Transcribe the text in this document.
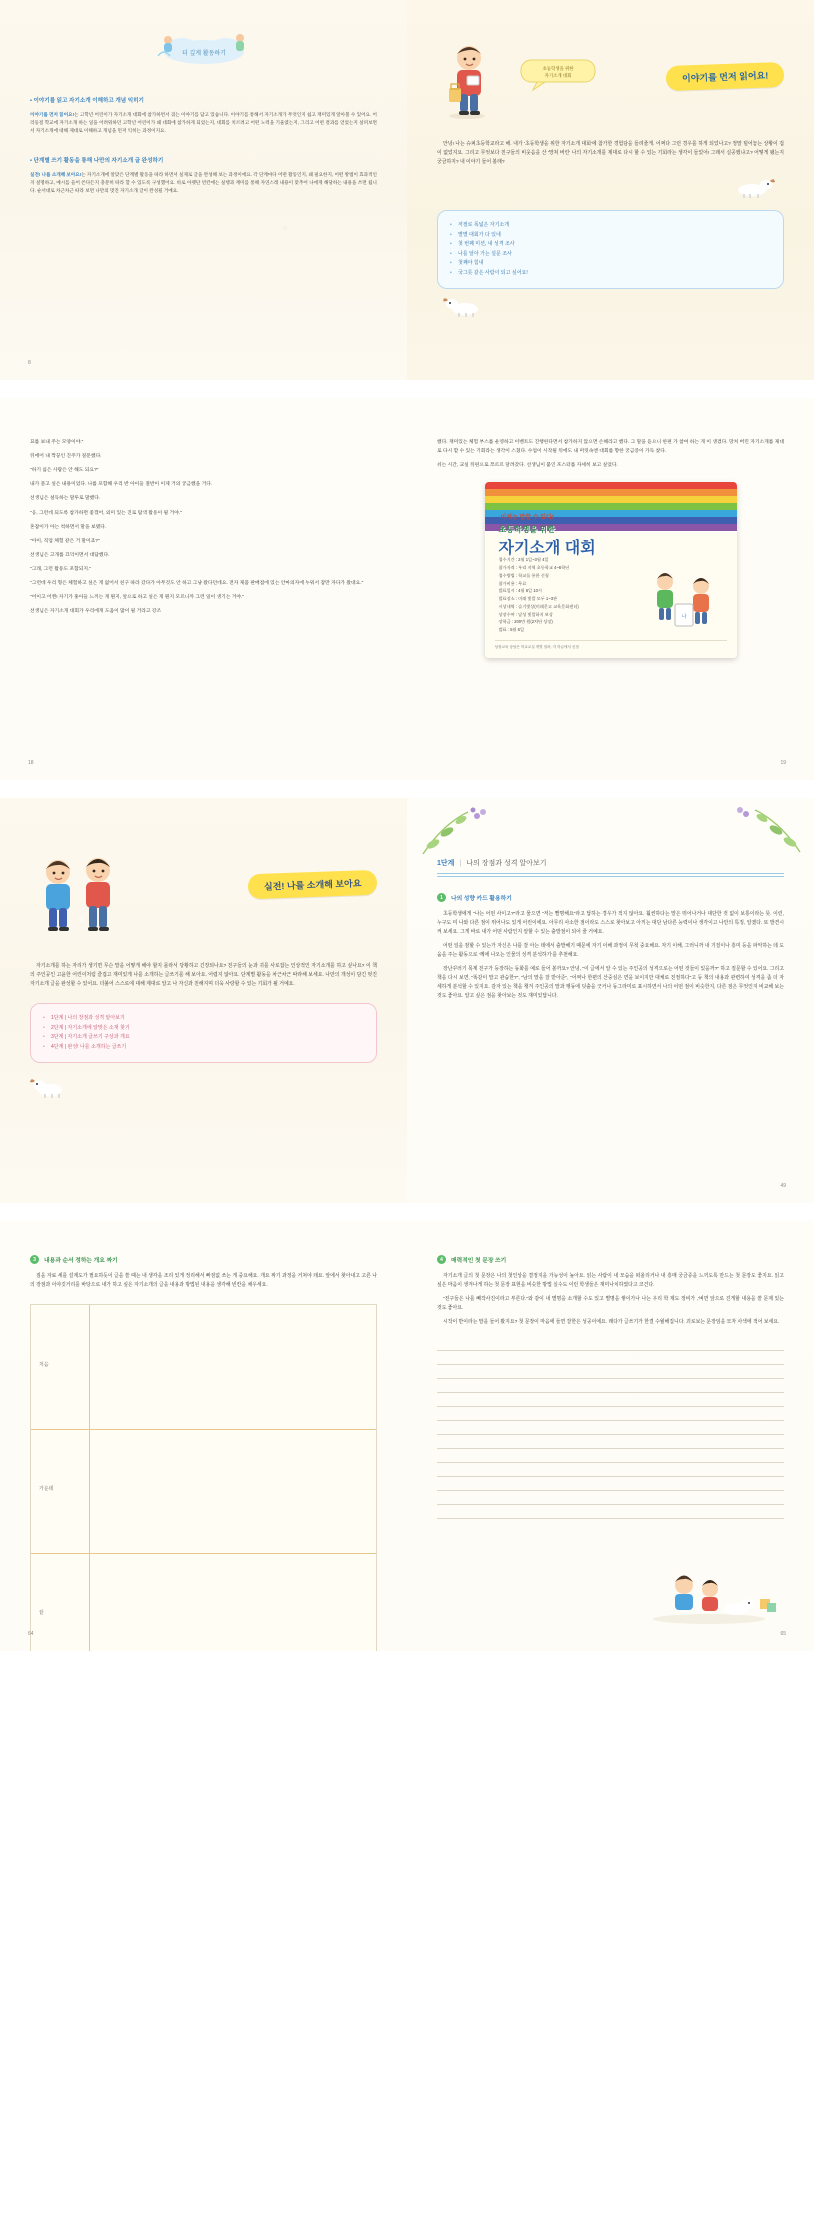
더 깊게 활동하기
• 이야기를 읽고 자기소개 이해하고 개념 익히기

이야기를 먼저 읽어요!는 고학년 어린이가 자기소개 대회에 참가하면서 겪는 이야기를 담고 있습니다. 이야기를 통해서 자기소개가 무엇인지 쉽고 재미있게 알아볼 수 있어요. 어리둥절 학교에 자기소개 하는 일을 어려워하던 고학년 어린이가 왜 대회에 참가하게 되었는지, 대회를 치르려고 어떤 노력을 기울였는지, 그리고 어떤 결과를 얻었는지 살펴보면서 자기소개에 대해 제대로 이해하고 개념을 먼저 익히는 과정이지요.

• 단계별 쓰기 활동을 통해 나만의 자기소개 글 완성하기

실전! 나를 소개해 보아요!는 자기소개에 알맞은 단계별 활동을 따라 하면서 실제로 글을 완성해 보는 과정이에요. 각 단계마다 어떤 활동인지, 왜 필요한지, 어떤 방법이 효과적인지 설명하고, 예시를 들어 쓴다든지 충분히 따라 할 수 있도록 구성했어요. 바로 아랫단 빈칸에는 실행과 재미를 통해 자연스레 내용이 맞추어 나에게 해당하는 내용을 쓰면 됩니다. 순서대로 차근차근 따라 보면 나만의 멋진 자기소개 글이 완성될 거예요.

8
초등학생을 위한
자기소개 대회	이야기를 먼저 읽어요!

안녕! 나는 슈퍼초등학교라고 해. 내가 '초등학생을 위한 자기소개 대회'에 참가한 경험담을 들려줄게. 어쩌다 그런 경우를 하게 되었나고? 정말 털어놓는 상황이 겁이 없었지요. 그리고 무엇보다 친구들의 비웃음을 산 '망쳐 버린' 나의 자기소개를 제대로 다시 할 수 있는 기회라는 생각이 들었어! 그래서 실공했냐고? 어떻게 됐는지 궁금하지? 내 이야기 들어 볼래?

• 저절로 폭넓은 자기소개
• 별별 대회가 다 있네
• 첫 번째 미션, 내 성격 조사
• 나를 알아 가는 설문 조사
• 첫째야 힘내
• 국그릇 같은 사람이 되고 싶어요!
묘를 보내 주는 모양이야."
뒤에어 내 짝꿍인 진주가 질문했다.
"하기 싫은 사람은 안 해도 되요?"
내가 묻고 싶은 내용이었다. 나를 포함해 우리 반 아이들 절반이 이제 거의 궁금했을 거다.
선생님은 설득하는 말투로 말했다.
"응, 그런데 되도록 참가하면 좋겠어, 외미 있는 진로 탐색 활동이 될 거야."
혼잡이가 아는 척하면서 말을 보탰다.
"아이, 직업 체험 같은 거 말이죠?"
선생님은 고개를 끄덕이면서 대답했다.
"그래, 그런 활동도 포함되지."
"그런데 우리 형은 체험하고 싶은 게 없어서 친구 따라 갔다가 아무것도 안 하고 그냥 왔다던데요. 전자 제품 판매점에 있는 안마의자에 누워서 잠만 자다가 왔대요."
"어이고 어쩐! 자기가 홍아들 느끼는 게 뭔지, 앞으로 하고 싶은 게 뭔지 모르니까 그런 일이 생기는 거야."
선생님은 자기소개 대회가 우리에게 도움이 많이 될 거라고 강조
18
했다. 재미있는 체험 부스를 운영하고 이벤트도 진행한다면서 참가하지 않으면 손해라고 했다. 그 말을 듣으니 한편 가 참여 하는 게 이 생겼다. 망쳐 버린 자기소개를 제대로 다시 할 수 있는 기회라는 생각이 스쳤다. 수업이 시작될 뒤에도 내 머릿속엔 대회를 향한 궁금증이 가득 찼다.
쉬는 시간, 교실 뒤편으로 쪼르르 달려갔다. 선생님이 붙인 포스터를 자세히 보고 싶었다.
이제는 말할 수 있다!
초등학생을 위한
자기소개 대회
접수기간 : 2월 1일~3월 4일
참가자격 : 우리 지역 초등학교 4~6학년
접수방법 : 학교를 통한 신청
참가비용 : 무료
발표일시 : 4월 6일 10시
발표장소 : 미래 빛깔 모두 1~3관
시상내역 : 슬기빛상(미래문고 교육문화센터)
상장수여 : 달성 빛깔하지 보상
장학금 : 200만 원(2차단 상장)
발표 : 5월 6일
나
성장교육 상담은 학교교실 개별 열려, 각 학급에서 신청
19
실전! 나를 소개해 보아요

자기소개를 하는 자리가 생기면 무슨 말을 어떻게 해야 할지 몰라서 당황하고 긴장되나요? 친구들의 눈과 귀를 사로잡는 인상적인 자기소개를 하고 싶나요? 이 책의 주인공인 고윤한 어린이처럼 즐겁고 재미있게 나를 소개하는 글쓰기를 해 보아요. 어렵지 않아요. 단계별 활동을 차근차근 따라해 보세요. 나만의 개성이 담긴 멋진 자기소개 글을 완성할 수 있어요. 더불어 스스로에 대해 제대로 알고 나 자신과 친해지며 더욱 사랑할 수 있는 기회가 될 거예요.

• 1단계 | 나의 장점과 성격 알아보기
• 2단계 | 자기소개에 알맞은 소재 찾기
• 3단계 | 자기소개 글쓰기 구상과 개요
• 4단계 | 완성! 나를 소개하는 글쓰기
1단계 | 나의 장점과 성격 알아보기
1	나의 성향 카드 활용하기

초등학생에게 "나는 어떤 사이고?"라고 물으면 "저는 빨명해요"라고 답하는 경우가 적지 않아요. 훨씬하다는 말은 뛰어나거나 대단한 것 없이 보통이라는 뜻. 이런, 누구도 미 나와 다른 점이 뛰어나도 있게 어린이에요. 아무리 사소한 점이라도 스스로 찾아보고 아끼는 대단 남다른 능력이나 생각이고 나만의 특징, 알겠다. 또 발견시켜 보세요. 그게 바로 내가 어떤 사람인지 알할 수 있는 출발점이 되어 줄 거예요.

어떤 일을 잠할 수 있는가 자신은 나를 잘 아는 데에서 출발해기 때문에 자기 이해 과정이 무척 중요해요. 자기 이해, 그러니까 내 기질이나 흥미 등을 파악하는 데 도움을 주는 활동으로 '께에 나오는 인물의 성격 분석하기'를 추천해요.

장난꾸러기 목계 친구가 등장하는 동화를 예로 들어 볼까요? 안녕, "이 글에서 알 수 있는 주인공의 성격으로는 어떤 것들이 있을까?" 하고 질문할 수 있어요. 그리고 책을 다시 보면, "똑같이 말고 관습한?", "남의 말을 잘 받아준", "어쩌나 한편의 산중심은 면을 보이지만 대체로 친절하다"고 등 책의 내용과 관련하여 성격을 좀 더 자세하게 분석할 수 있지요. 감자 있는 책을 챙겨 주인공의 말과 행동에 덧출을 긋거나 동그라미로 표시하면서 나의 어떤 점이 비슷한지, 다른 점은 무엇인지 비교해 보는 것도 좋아요. 알고 싶은 점을 찾아보는 것도 재미있답니다.

49
3	내용과 순서 정하는 개요 짜기

짐을 자료 세를 설계도가 필요하듯이 글을 쓸 때는 내 생각을 조리 있게 정리해서 빠짐없 쓰는 게 중요해요. 개요 짜기 과정을 거쳐야 돼요. 앞에서 찾아내고 고른 나의 장점과 이야깃거리를 바탕으로 내가 하고 싶은 자기소개의 글을 내용과 방법된 내용을 생각해 빈칸을 채우세요.

처음
가운데
끝
64
4	매력적인 첫 문장 쓰기

자기소개 글의 첫 문장은 나의 첫인상을 결정지을 가능성이 높아요. 읽는 사람이 내 모습을 떠올리거나 내 흥매 궁금증을 느끼도록 만드는 첫 문장도 좋지요. 읽고 싶은 마음이 생겨나게 하는 첫 문장 표현을 비슷한 방법 실수도 이런 학생들은 재미나치하였다고 코건다.

"친구들은 나를 빼작사진이라고 부른다."와 같이 내 별명을 소개할 수도 있고 별명을 쌓이가나 나는 우리 학 제도 정비가 ,'벼면 앞으로 진게할 내용을 쓸 문제 있는 것도 좋아요.

시작이 반이라는 말을 들어 봤지요? 첫 문장이 마음에 들면 잘한은 성공이에요. 래다가 글쓰기가 한결 수월해집니다. 괴로보는 문장임을 모자 사색에 적어 보세요.

65
